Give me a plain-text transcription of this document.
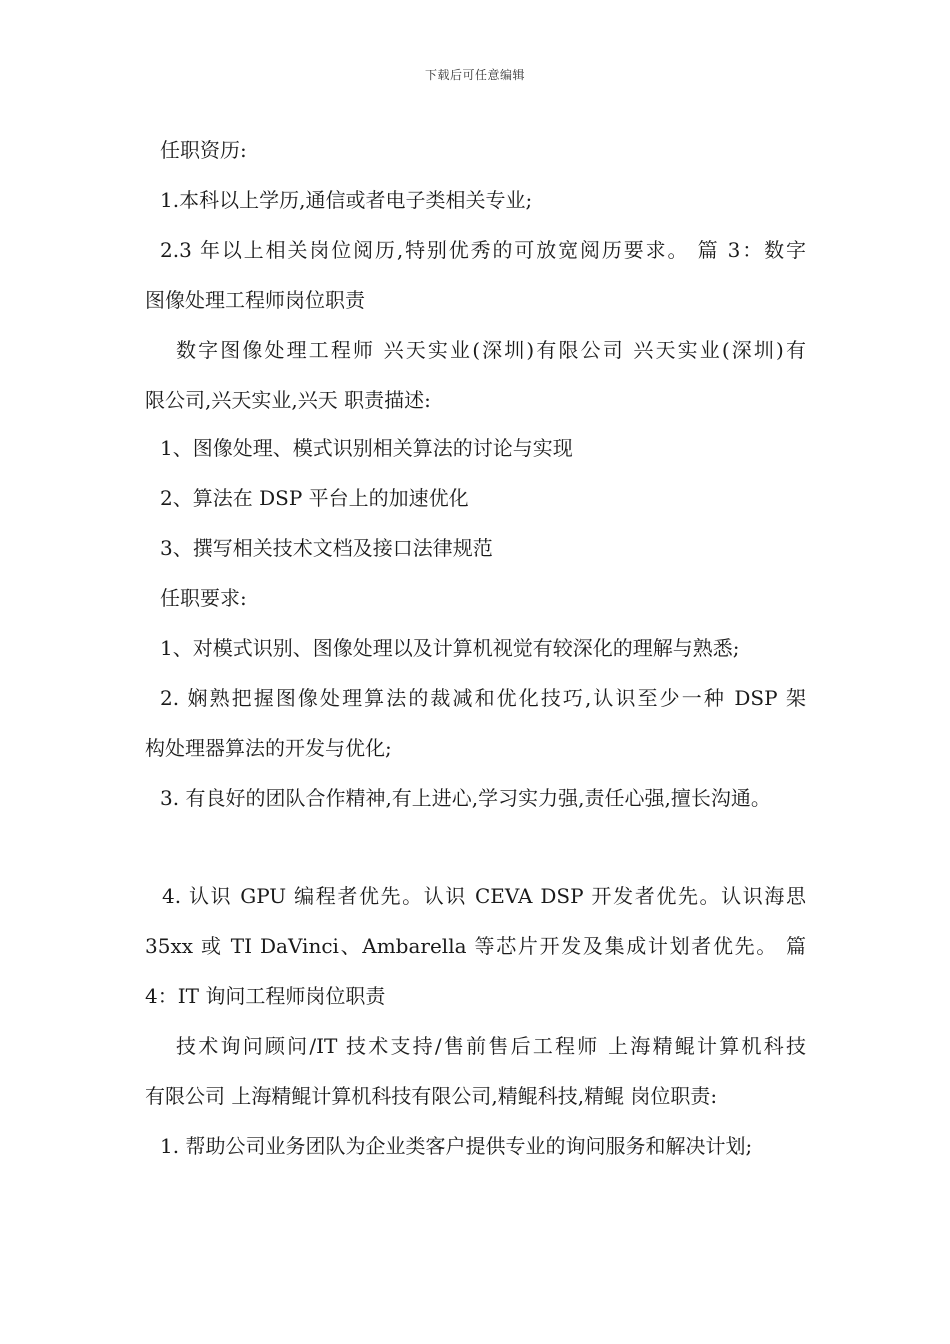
下载后可任意编辑
任职资历:
1.本科以上学历,通信或者电子类相关专业;
2.3 年以上相关岗位阅历,特别优秀的可放宽阅历要求。 篇 3：数字
图像处理工程师岗位职责
数字图像处理工程师 兴天实业(深圳)有限公司 兴天实业(深圳)有
限公司,兴天实业,兴天 职责描述:
1、图像处理、模式识别相关算法的讨论与实现
2、算法在 DSP 平台上的加速优化
3、撰写相关技术文档及接口法律规范
任职要求:
1、对模式识别、图像处理以及计算机视觉有较深化的理解与熟悉;
2. 娴熟把握图像处理算法的裁减和优化技巧,认识至少一种 DSP 架
构处理器算法的开发与优化;
3. 有良好的团队合作精神,有上进心,学习实力强,责任心强,擅长沟通。
4. 认识 GPU 编程者优先。认识 CEVA DSP 开发者优先。认识海思
35xx 或 TI DaVinci、Ambarella 等芯片开发及集成计划者优先。 篇
4：IT 询问工程师岗位职责
技术询问顾问/IT 技术支持/售前售后工程师 上海精鲲计算机科技
有限公司 上海精鲲计算机科技有限公司,精鲲科技,精鲲 岗位职责:
1. 帮助公司业务团队为企业类客户提供专业的询问服务和解决计划;
